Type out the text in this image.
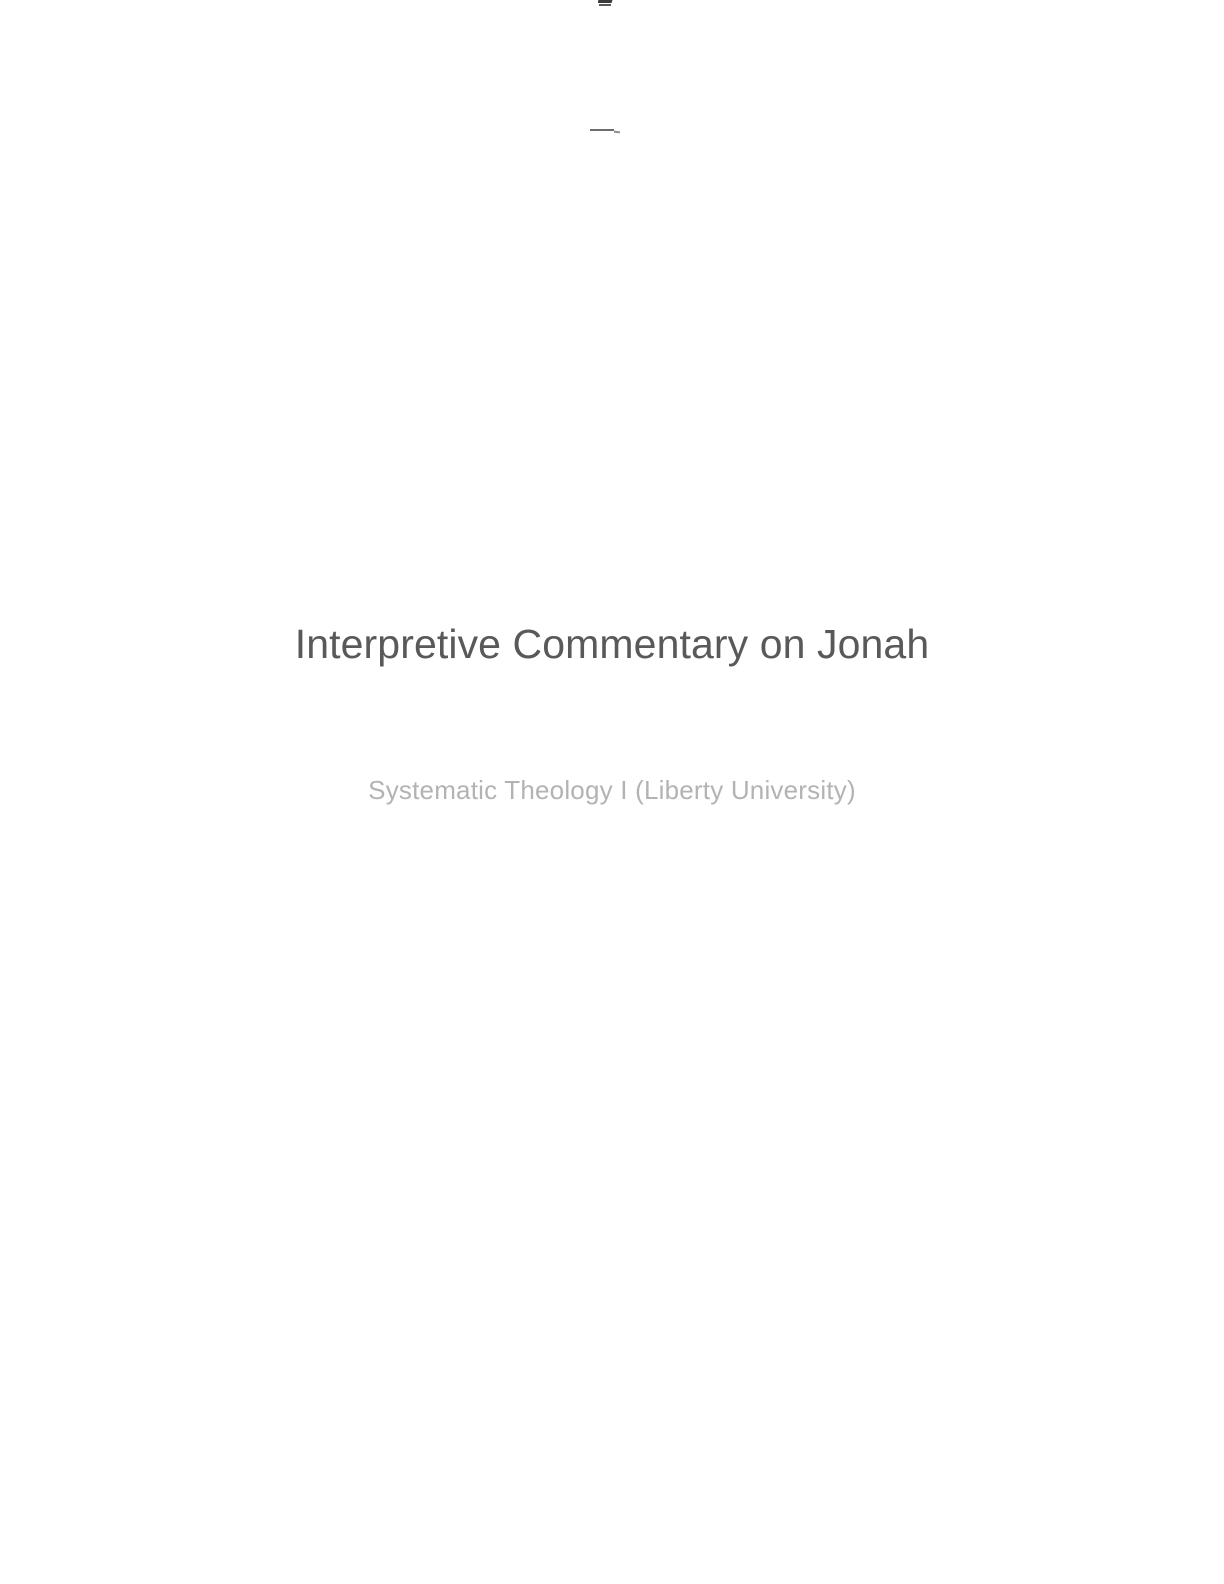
Interpretive Commentary on Jonah

Systematic Theology I (Liberty University)
